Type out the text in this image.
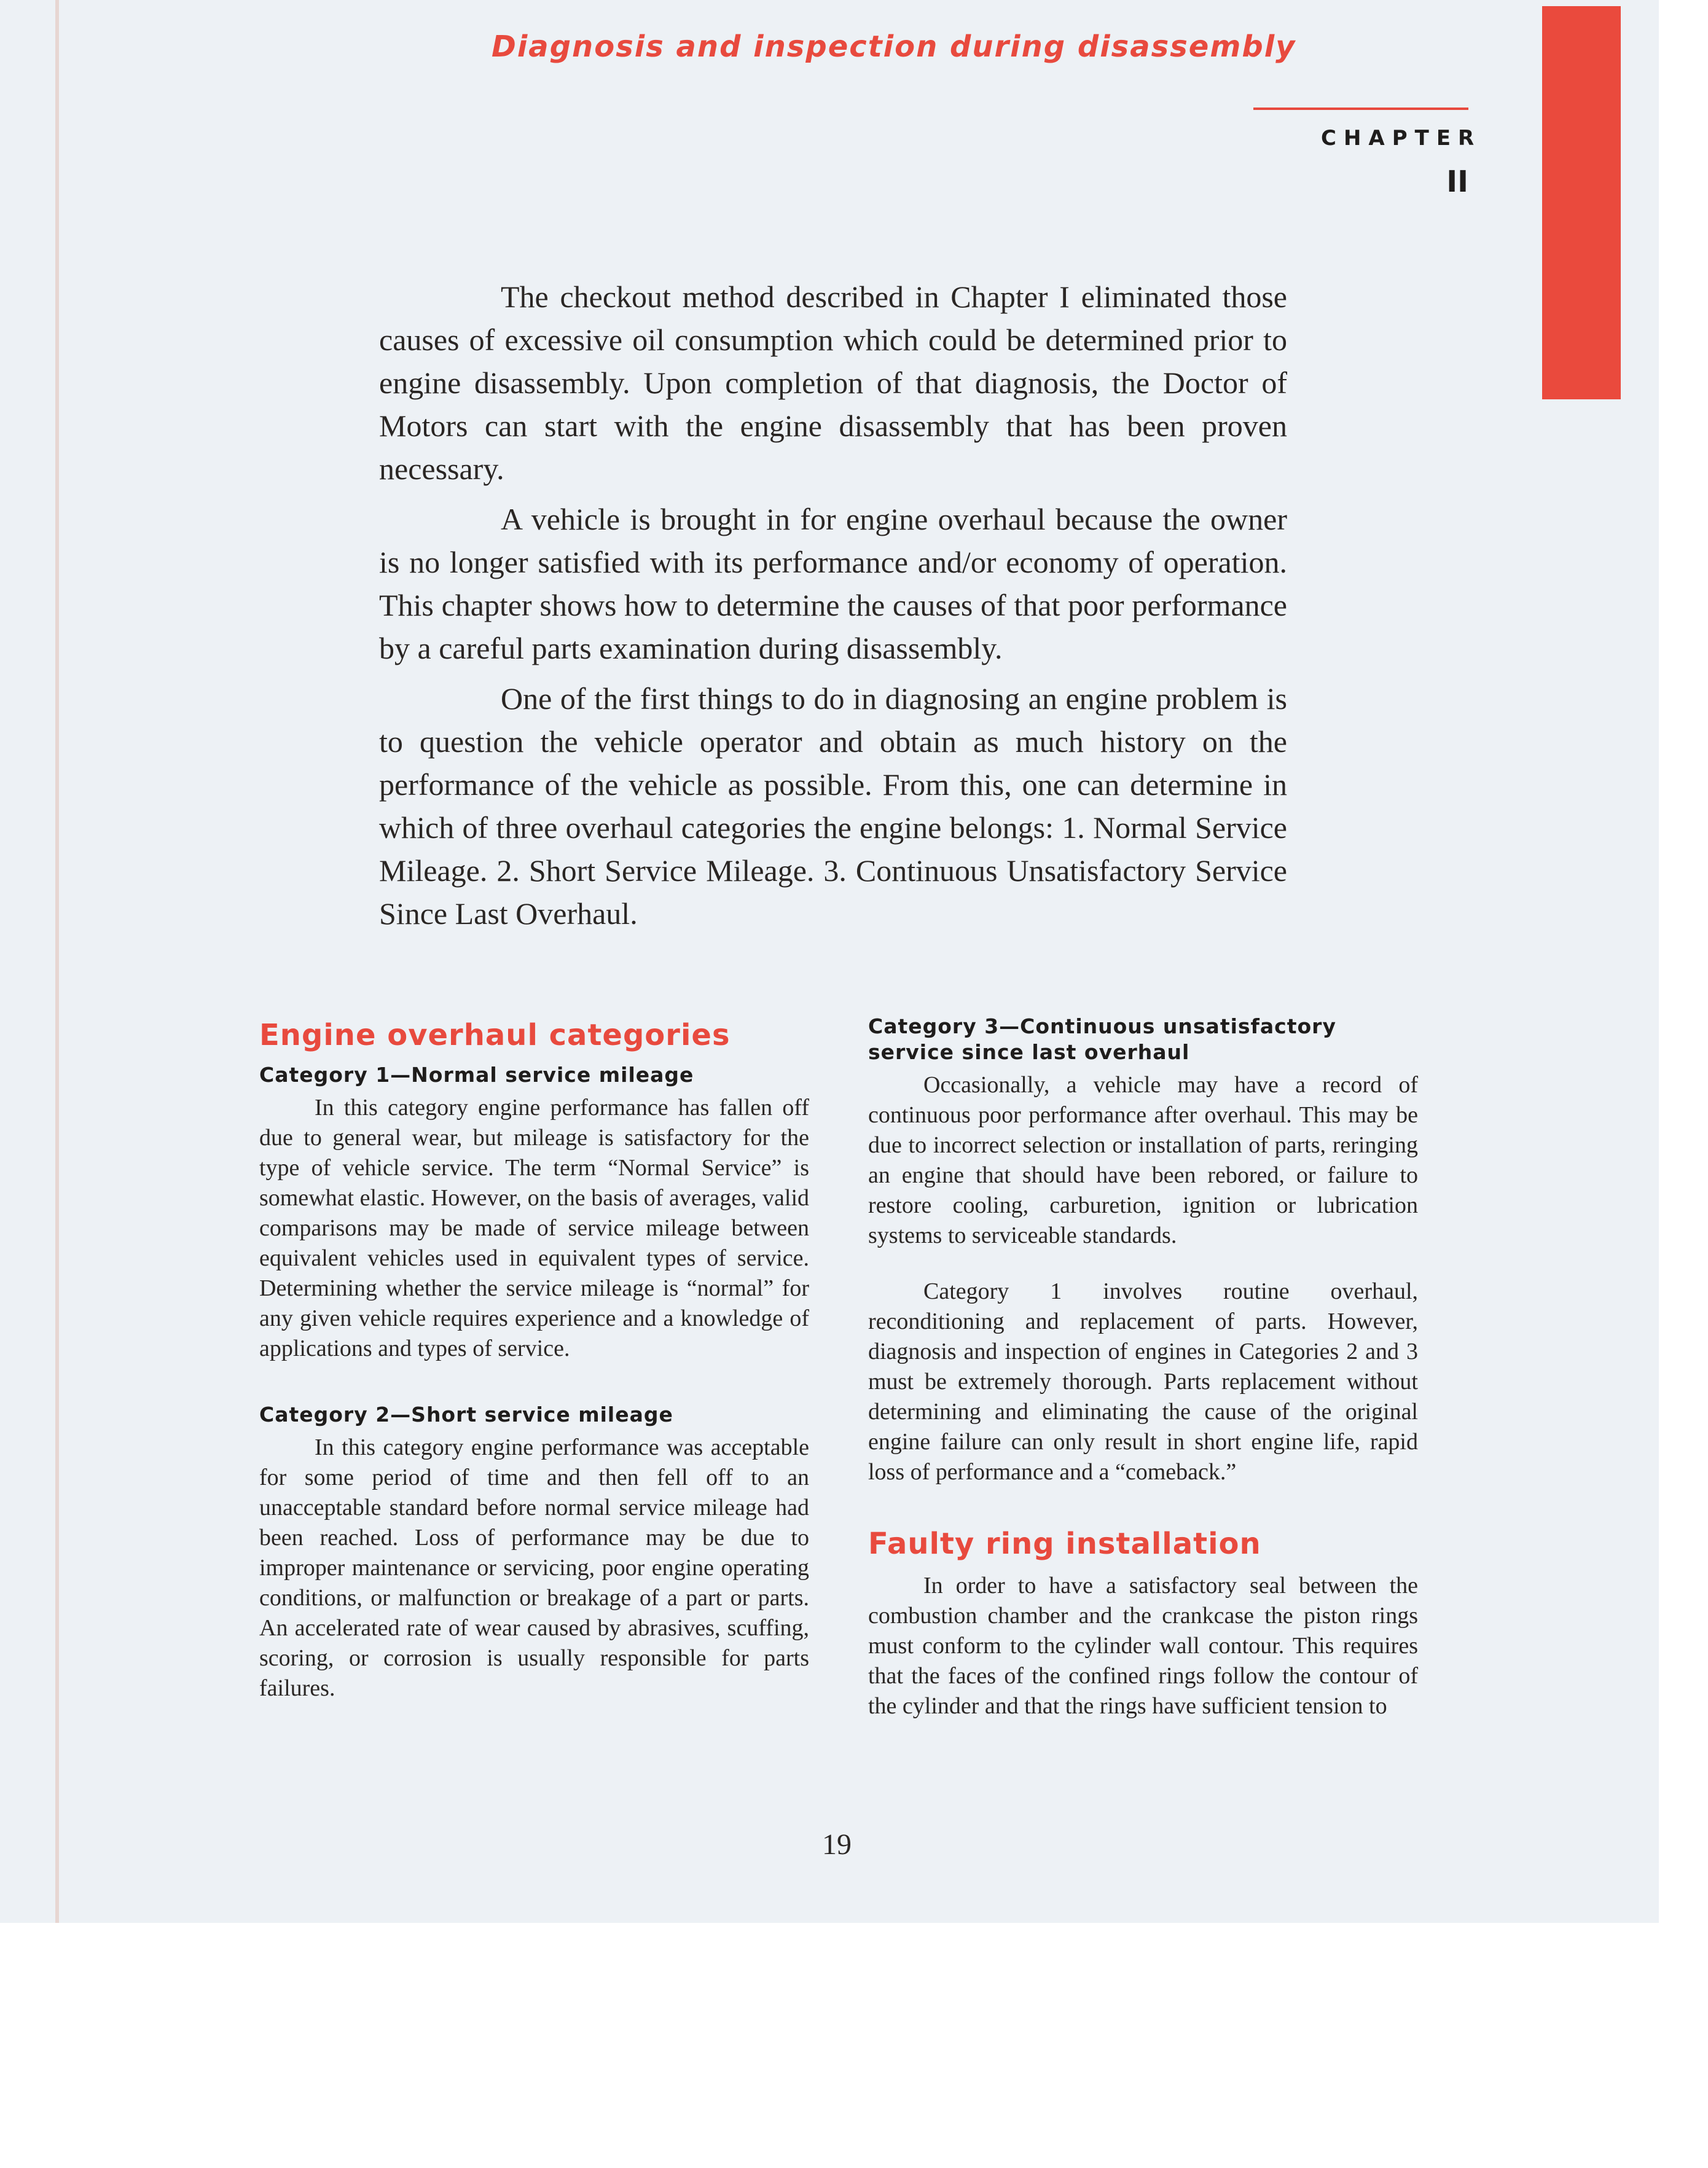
Diagnosis and inspection during disassembly
CHAPTER
II

The checkout method described in Chapter I eliminated those causes of excessive oil consumption which could be determined prior to engine disassembly. Upon completion of that diagnosis, the Doctor of Motors can start with the engine disassembly that has been proven necessary.

A vehicle is brought in for engine overhaul because the owner is no longer satisfied with its performance and/or economy of operation. This chapter shows how to determine the causes of that poor performance by a careful parts examination during disassembly.

One of the first things to do in diagnosing an engine problem is to question the vehicle operator and obtain as much history on the performance of the vehicle as possible. From this, one can determine in which of three overhaul categories the engine belongs: 1. Normal Service Mileage. 2. Short Service Mileage. 3. Continuous Unsatisfactory Service Since Last Overhaul.

Engine overhaul categories
Category 1—Normal service mileage

In this category engine performance has fallen off due to general wear, but mileage is satisfactory for the type of vehicle service. The term “Normal Service” is somewhat elastic. However, on the basis of averages, valid comparisons may be made of service mileage between equivalent vehicles used in equivalent types of service. Determining whether the service mileage is “normal” for any given vehicle requires experience and a knowledge of applications and types of service.

Category 2—Short service mileage

In this category engine performance was acceptable for some period of time and then fell off to an unacceptable standard before normal service mileage had been reached. Loss of performance may be due to improper maintenance or servicing, poor engine operating conditions, or malfunction or breakage of a part or parts. An accelerated rate of wear caused by abrasives, scuffing, scoring, or corrosion is usually responsible for parts failures.

Category 3—Continuous unsatisfactory service since last overhaul

Occasionally, a vehicle may have a record of continuous poor performance after overhaul. This may be due to incorrect selection or installation of parts, reringing an engine that should have been rebored, or failure to restore cooling, carburetion, ignition or lubrication systems to serviceable standards.

Category 1 involves routine overhaul, reconditioning and replacement of parts. However, diagnosis and inspection of engines in Categories 2 and 3 must be extremely thorough. Parts replacement without determining and eliminating the cause of the original engine failure can only result in short engine life, rapid loss of performance and a “comeback.”

Faulty ring installation

In order to have a satisfactory seal between the combustion chamber and the crankcase the piston rings must conform to the cylinder wall contour. This requires that the faces of the confined rings follow the contour of the cylinder and that the rings have sufficient tension to

19
